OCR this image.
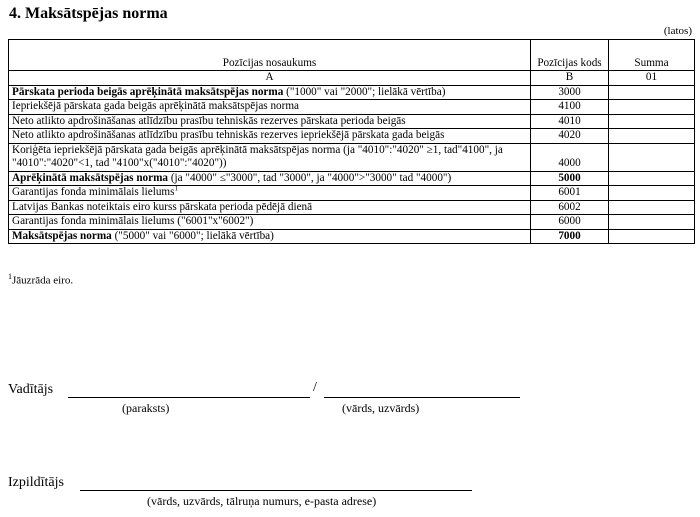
4. Maksātspējas norma
(latos)
Pozīcijas nosaukums	Pozīcijas kods	Summa
A	B	01
Pārskata perioda beigās aprēķinātā maksātspējas norma ("1000" vai "2000"; lielākā vērtība)	3000	
Iepriekšējā pārskata gada beigās aprēķinātā maksātspējas norma	4100	
Neto atlikto apdrošināšanas atlīdzību prasību tehniskās rezerves pārskata perioda beigās	4010	
Neto atlikto apdrošināšanas atlīdzību prasību tehniskās rezerves iepriekšējā pārskata gada beigās	4020	
Koriģēta iepriekšējā pārskata gada beigās aprēķinātā maksātspējas norma (ja "4010":"4020" ≥1, tad"4100", ja "4010":"4020"<1, tad "4100"x("4010":"4020"))	4000	
Aprēķinātā maksātspējas norma (ja "4000" ≤"3000", tad "3000", ja "4000">"3000" tad "4000")	5000	
Garantijas fonda minimālais lielums$^1$	6001	
Latvijas Bankas noteiktais eiro kurss pārskata perioda pēdējā dienā	6002	
Garantijas fonda minimālais lielums ("6001"x"6002")	6000	
Maksātspējas norma ("5000" vai "6000"; lielākā vērtība)	7000	
$^1$Jāuzrāda eiro.
Vadītājs	/
(paraksts)	(vārds, uzvārds)
Izpildītājs
(vārds, uzvārds, tālruņa numurs, e-pasta adrese)
